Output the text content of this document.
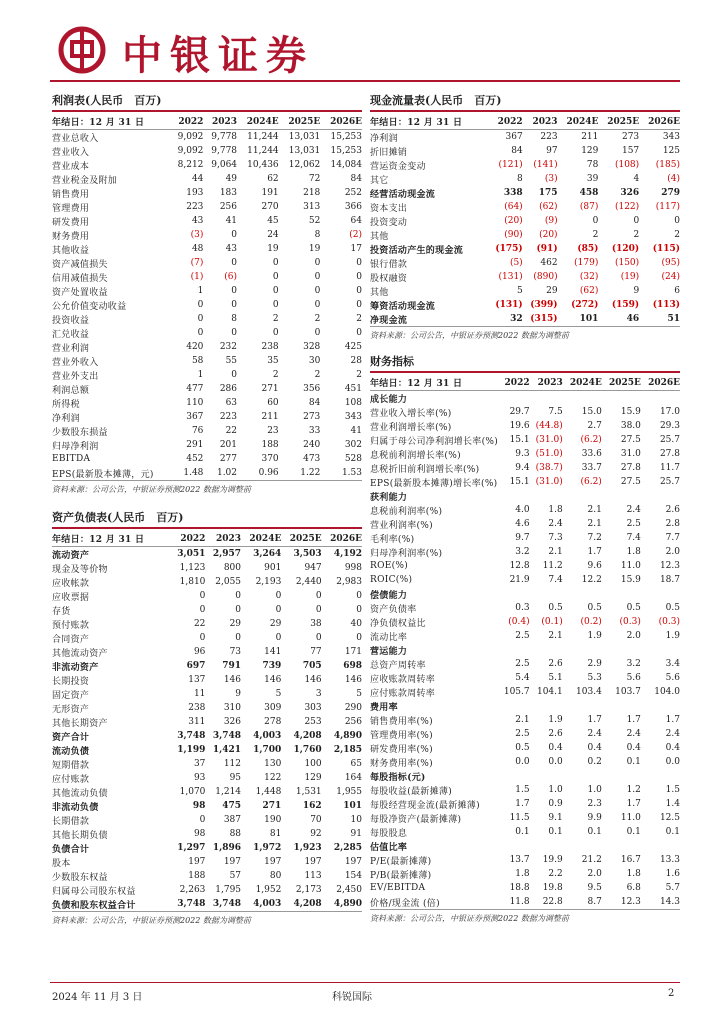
中银证券
利润表(人民币　百万)
年结日：12 月 31 日	2022	2023	2024E	2025E	2026E
营业总收入	9,092	9,778	11,244	13,031	15,253
营业收入	9,092	9,778	11,244	13,031	15,253
营业成本	8,212	9,064	10,436	12,062	14,084
营业税金及附加	44	49	62	72	84
销售费用	193	183	191	218	252
管理费用	223	256	270	313	366
研发费用	43	41	45	52	64
财务费用	(3)	0	24	8	(2)
其他收益	48	43	19	19	17
资产减值损失	(7)	0	0	0	0
信用减值损失	(1)	(6)	0	0	0
资产处置收益	1	0	0	0	0
公允价值变动收益	0	0	0	0	0
投资收益	0	8	2	2	2
汇兑收益	0	0	0	0	0
营业利润	420	232	238	328	425
营业外收入	58	55	35	30	28
营业外支出	1	0	2	2	2
利润总额	477	286	271	356	451
所得税	110	63	60	84	108
净利润	367	223	211	273	343
少数股东损益	76	22	23	33	41
归母净利润	291	201	188	240	302
EBITDA	452	277	370	473	528
EPS(最新股本摊薄，元)	1.48	1.02	0.96	1.22	1.53
资料来源：公司公告，中银证券预测2022 数据为调整前
资产负债表(人民币　百万)
年结日：12 月 31 日	2022	2023	2024E	2025E	2026E
流动资产	3,051	2,957	3,264	3,503	4,192
现金及等价物	1,123	800	901	947	998
应收帐款	1,810	2,055	2,193	2,440	2,983
应收票据	0	0	0	0	0
存货	0	0	0	0	0
预付账款	22	29	29	38	40
合同资产	0	0	0	0	0
其他流动资产	96	73	141	77	171
非流动资产	697	791	739	705	698
长期投资	137	146	146	146	146
固定资产	11	9	5	3	5
无形资产	238	310	309	303	290
其他长期资产	311	326	278	253	256
资产合计	3,748	3,748	4,003	4,208	4,890
流动负债	1,199	1,421	1,700	1,760	2,185
短期借款	37	112	130	100	65
应付账款	93	95	122	129	164
其他流动负债	1,070	1,214	1,448	1,531	1,955
非流动负债	98	475	271	162	101
长期借款	0	387	190	70	10
其他长期负债	98	88	81	92	91
负债合计	1,297	1,896	1,972	1,923	2,285
股本	197	197	197	197	197
少数股东权益	188	57	80	113	154
归属母公司股东权益	2,263	1,795	1,952	2,173	2,450
负债和股东权益合计	3,748	3,748	4,003	4,208	4,890
资料来源：公司公告，中银证券预测2022 数据为调整前
现金流量表(人民币　百万)
年结日：12 月 31 日	2022	2023	2024E	2025E	2026E
净利润	367	223	211	273	343
折旧摊销	84	97	129	157	125
营运资金变动	(121)	(141)	78	(108)	(185)
其它	8	(3)	39	4	(4)
经营活动现金流	338	175	458	326	279
资本支出	(64)	(62)	(87)	(122)	(117)
投资变动	(20)	(9)	0	0	0
其他	(90)	(20)	2	2	2
投资活动产生的现金流	(175)	(91)	(85)	(120)	(115)
银行借款	(5)	462	(179)	(150)	(95)
股权融资	(131)	(890)	(32)	(19)	(24)
其他	5	29	(62)	9	6
筹资活动现金流	(131)	(399)	(272)	(159)	(113)
净现金流	32	(315)	101	46	51
资料来源：公司公告，中银证券预测2022 数据为调整前
财务指标
年结日：12 月 31 日	2022	2023	2024E	2025E	2026E
成长能力					
营业收入增长率(%)	29.7	7.5	15.0	15.9	17.0
营业利润增长率(%)	19.6	(44.8)	2.7	38.0	29.3
归属于母公司净利润增长率(%)	15.1	(31.0)	(6.2)	27.5	25.7
息税前利润增长率(%)	9.3	(51.0)	33.6	31.0	27.8
息税折旧前利润增长率(%)	9.4	(38.7)	33.7	27.8	11.7
EPS(最新股本摊薄)增长率(%)	15.1	(31.0)	(6.2)	27.5	25.7
获利能力					
息税前利润率(%)	4.0	1.8	2.1	2.4	2.6
营业利润率(%)	4.6	2.4	2.1	2.5	2.8
毛利率(%)	9.7	7.3	7.2	7.4	7.7
归母净利润率(%)	3.2	2.1	1.7	1.8	2.0
ROE(%)	12.8	11.2	9.6	11.0	12.3
ROIC(%)	21.9	7.4	12.2	15.9	18.7
偿债能力					
资产负债率	0.3	0.5	0.5	0.5	0.5
净负债权益比	(0.4)	(0.1)	(0.2)	(0.3)	(0.3)
流动比率	2.5	2.1	1.9	2.0	1.9
营运能力					
总资产周转率	2.5	2.6	2.9	3.2	3.4
应收账款周转率	5.4	5.1	5.3	5.6	5.6
应付账款周转率	105.7	104.1	103.4	103.7	104.0
费用率					
销售费用率(%)	2.1	1.9	1.7	1.7	1.7
管理费用率(%)	2.5	2.6	2.4	2.4	2.4
研发费用率(%)	0.5	0.4	0.4	0.4	0.4
财务费用率(%)	0.0	0.0	0.2	0.1	0.0
每股指标(元)					
每股收益(最新摊薄)	1.5	1.0	1.0	1.2	1.5
每股经营现金流(最新摊薄)	1.7	0.9	2.3	1.7	1.4
每股净资产(最新摊薄)	11.5	9.1	9.9	11.0	12.5
每股股息	0.1	0.1	0.1	0.1	0.1
估值比率					
P/E(最新摊薄)	13.7	19.9	21.2	16.7	13.3
P/B(最新摊薄)	1.8	2.2	2.0	1.8	1.6
EV/EBITDA	18.8	19.8	9.5	6.8	5.7
价格/现金流 (倍)	11.8	22.8	8.7	12.3	14.3
资料来源：公司公告，中银证券预测2022 数据为调整前
2024 年 11 月 3 日	科锐国际	2
